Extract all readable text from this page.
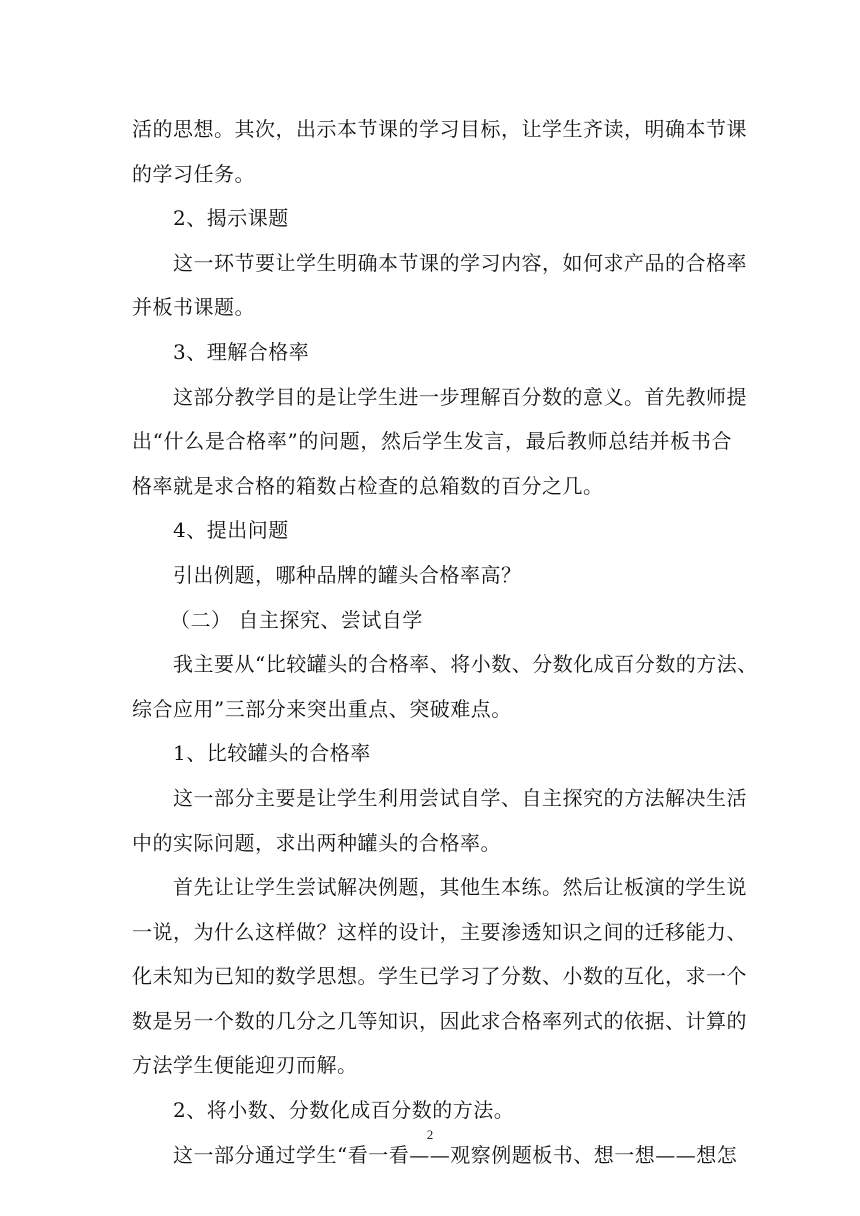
活的思想。其次，出示本节课的学习目标，让学生齐读，明确本节课
的学习任务。
2、揭示课题
这一环节要让学生明确本节课的学习内容，如何求产品的合格率
并板书课题。
3、理解合格率
这部分教学目的是让学生进一步理解百分数的意义。首先教师提
出“什么是合格率”的问题，然后学生发言，最后教师总结并板书合
格率就是求合格的箱数占检查的总箱数的百分之几。
4、提出问题
引出例题，哪种品牌的罐头合格率高？
（二） 自主探究、尝试自学
我主要从“比较罐头的合格率、将小数、分数化成百分数的方法、
综合应用”三部分来突出重点、突破难点。
1、比较罐头的合格率
这一部分主要是让学生利用尝试自学、自主探究的方法解决生活
中的实际问题，求出两种罐头的合格率。
首先让让学生尝试解决例题，其他生本练。然后让板演的学生说
一说，为什么这样做？这样的设计，主要渗透知识之间的迁移能力、
化未知为已知的数学思想。学生已学习了分数、小数的互化，求一个
数是另一个数的几分之几等知识，因此求合格率列式的依据、计算的
方法学生便能迎刃而解。
2、将小数、分数化成百分数的方法。
这一部分通过学生“看一看——观察例题板书、想一想——想怎
2
